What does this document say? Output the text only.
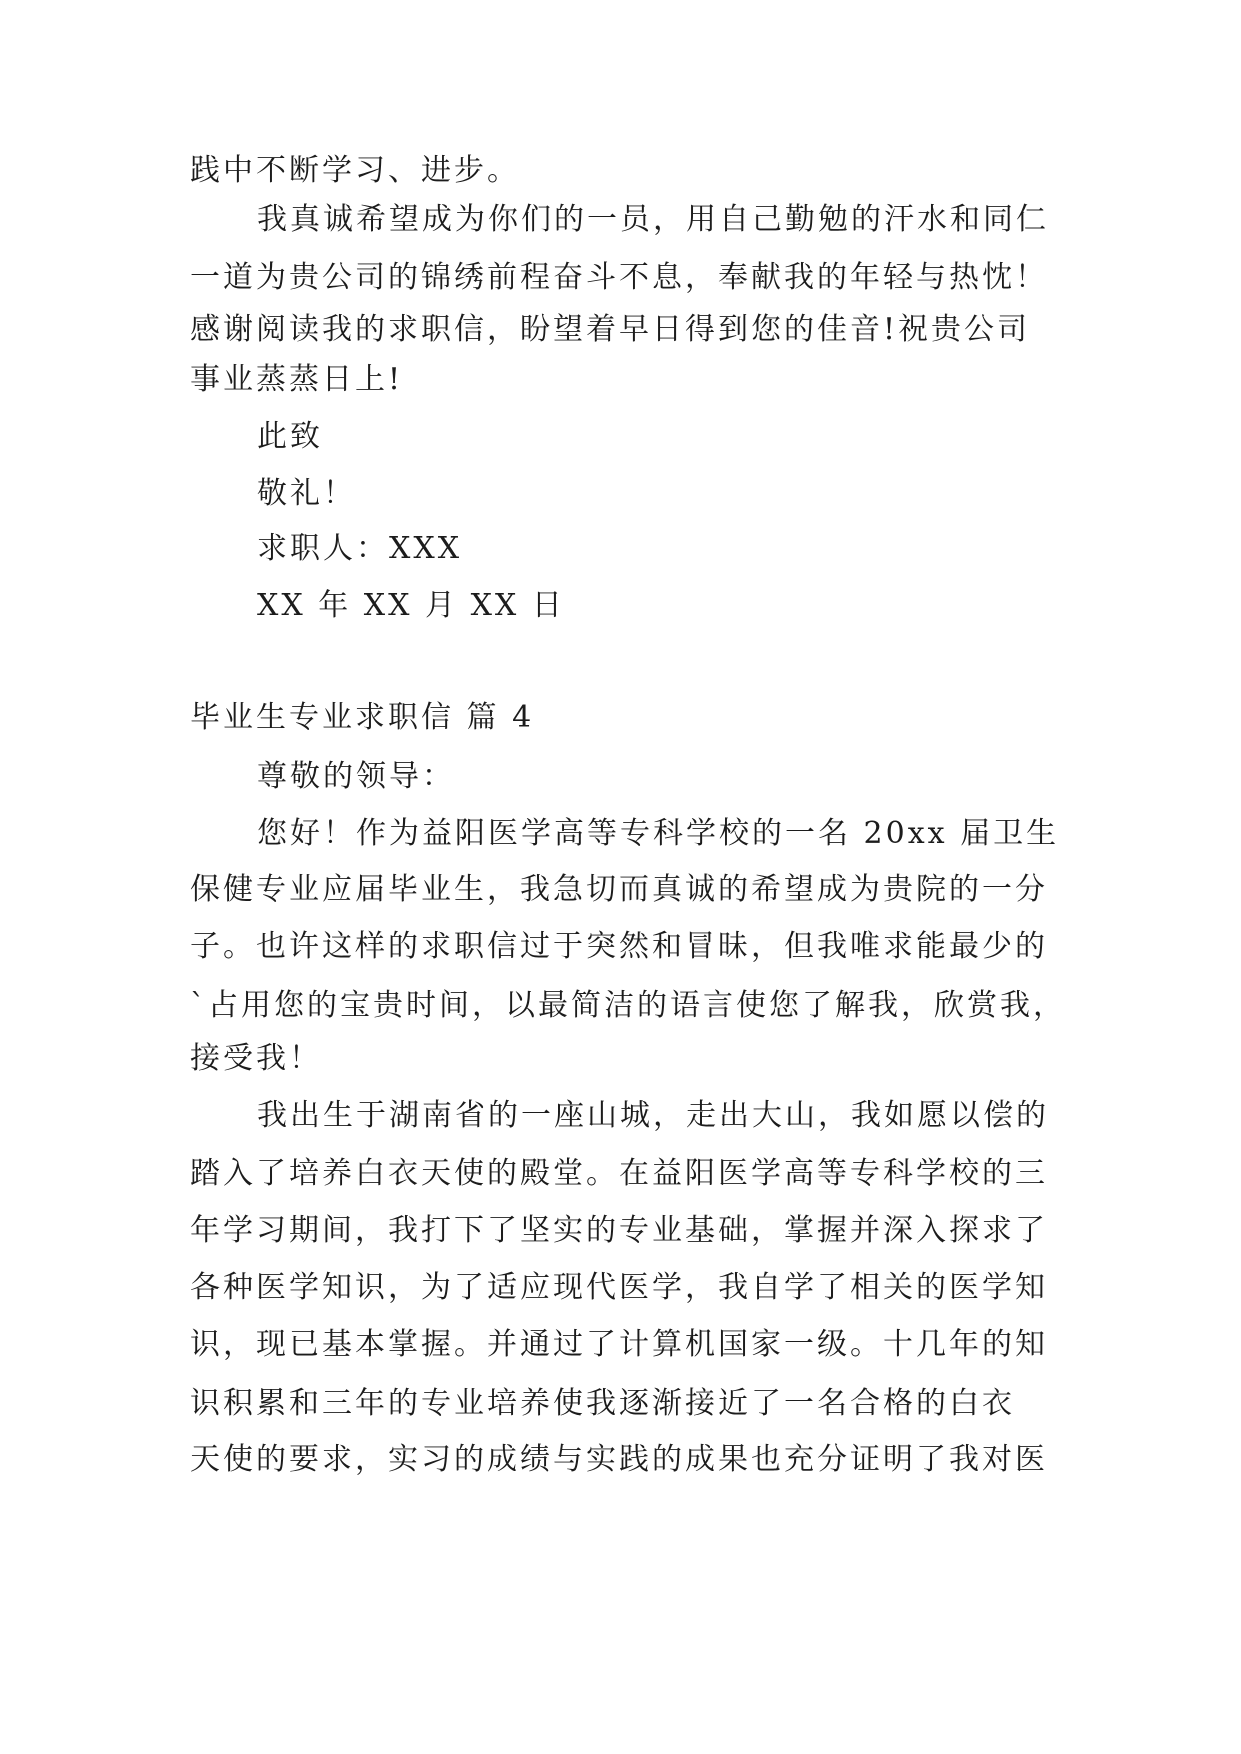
践中不断学习、进步。
我真诚希望成为你们的一员，用自己勤勉的汗水和同仁
一道为贵公司的锦绣前程奋斗不息，奉献我的年轻与热忱！
感谢阅读我的求职信，盼望着早日得到您的佳音!祝贵公司
事业蒸蒸日上!
此致
敬礼！
求职人：XXX
XX 年 XX 月 XX 日
毕业生专业求职信 篇 4
尊敬的领导：
您好！作为益阳医学高等专科学校的一名 20xx 届卫生
保健专业应届毕业生，我急切而真诚的希望成为贵院的一分
子。也许这样的求职信过于突然和冒昧，但我唯求能最少的
`占用您的宝贵时间，以最简洁的语言使您了解我，欣赏我，
接受我！
我出生于湖南省的一座山城，走出大山，我如愿以偿的
踏入了培养白衣天使的殿堂。在益阳医学高等专科学校的三
年学习期间，我打下了坚实的专业基础，掌握并深入探求了
各种医学知识，为了适应现代医学，我自学了相关的医学知
识，现已基本掌握。并通过了计算机国家一级。十几年的知
识积累和三年的专业培养使我逐渐接近了一名合格的白衣
天使的要求，实习的成绩与实践的成果也充分证明了我对医
